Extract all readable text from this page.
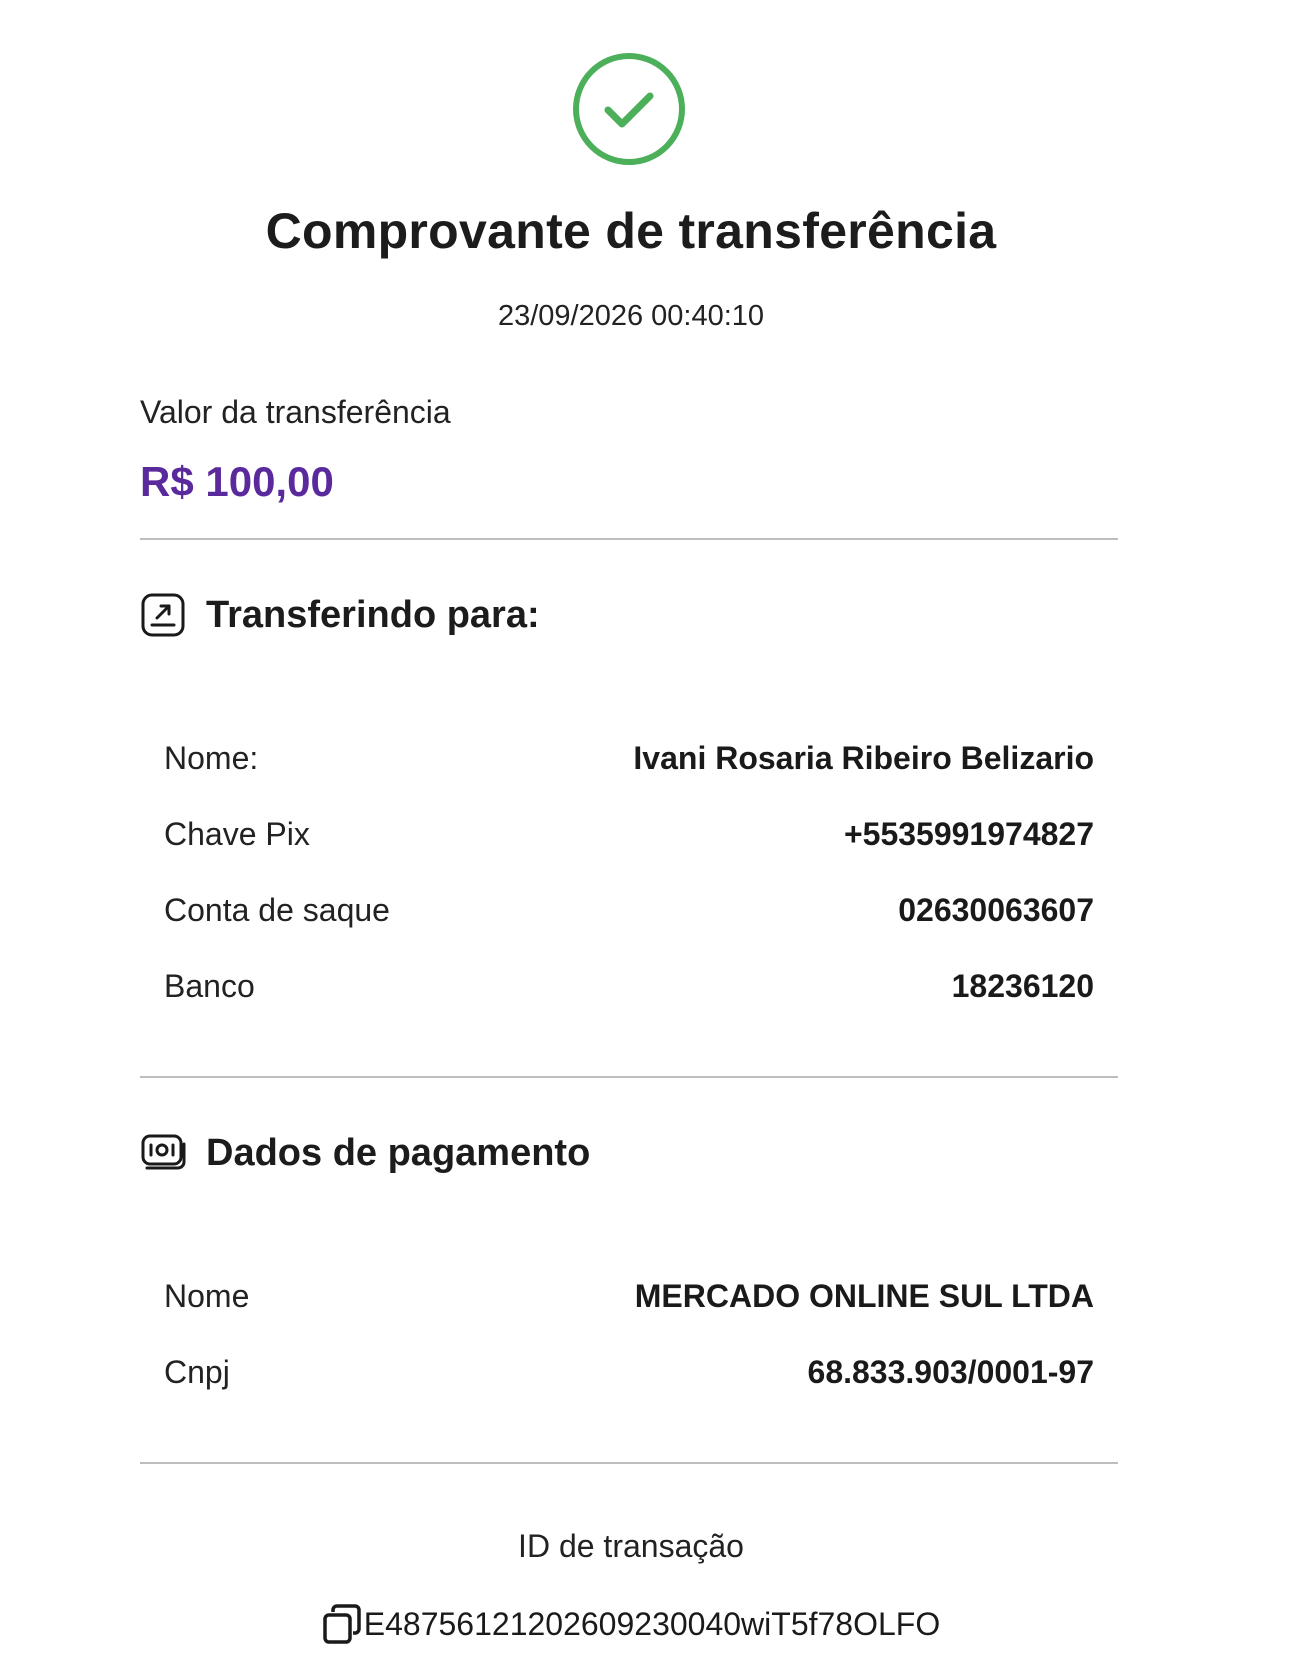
Comprovante de transferência
23/09/2026 00:40:10
Valor da transferência
R$ 100,00
Transferindo para:
Nome:	Ivani Rosaria Ribeiro Belizario
Chave Pix	+5535991974827
Conta de saque	02630063607
Banco	18236120
Dados de pagamento
Nome	MERCADO ONLINE SUL LTDA
Cnpj	68.833.903/0001-97
ID de transação
E48756121202609230040wiT5f78OLFO
